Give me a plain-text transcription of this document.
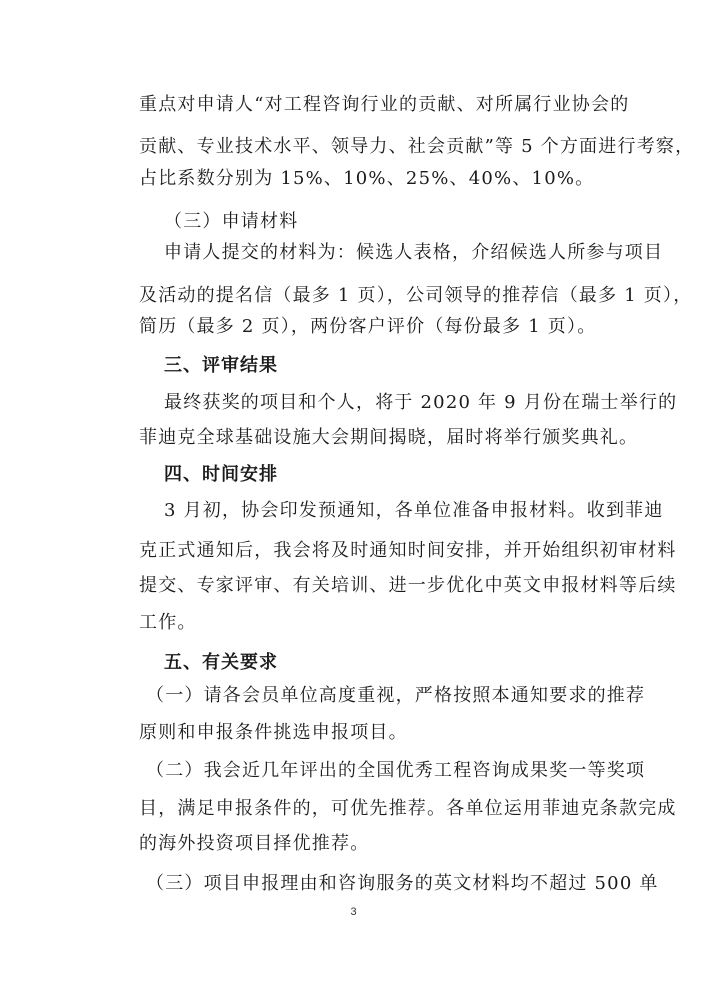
重点对申请人“对工程咨询行业的贡献、对所属行业协会的
贡献、专业技术水平、领导力、社会贡献”等 5 个方面进行考察，
占比系数分别为 15%、10%、25%、40%、10%。
（三）申请材料
申请人提交的材料为：候选人表格，介绍候选人所参与项目
及活动的提名信（最多 1 页），公司领导的推荐信（最多 1 页），
简历（最多 2 页），两份客户评价（每份最多 1 页）。
三、评审结果
最终获奖的项目和个人，将于 2020 年 9 月份在瑞士举行的
菲迪克全球基础设施大会期间揭晓，届时将举行颁奖典礼。
四、时间安排
3 月初，协会印发预通知，各单位准备申报材料。收到菲迪
克正式通知后，我会将及时通知时间安排，并开始组织初审材料
提交、专家评审、有关培训、进一步优化中英文申报材料等后续
工作。
五、有关要求
（一）请各会员单位高度重视，严格按照本通知要求的推荐
原则和申报条件挑选申报项目。
（二）我会近几年评出的全国优秀工程咨询成果奖一等奖项
目，满足申报条件的，可优先推荐。各单位运用菲迪克条款完成
的海外投资项目择优推荐。
（三）项目申报理由和咨询服务的英文材料均不超过 500 单
3
